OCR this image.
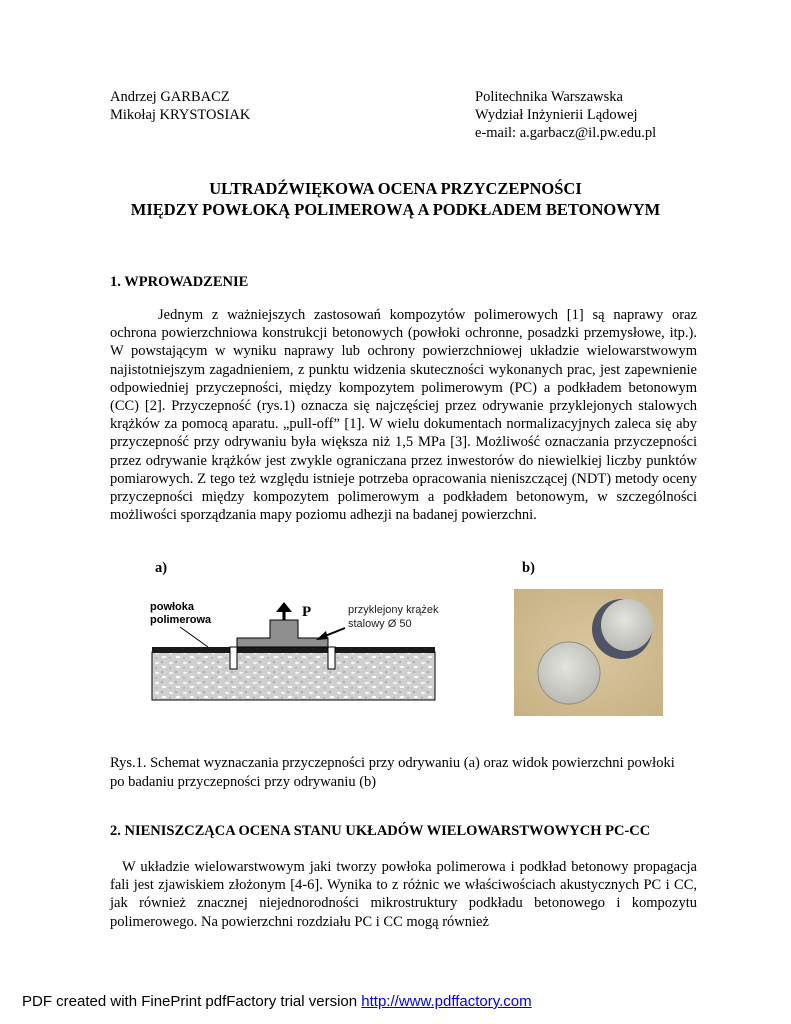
Andrzej GARBACZ
Mikołaj KRYSTOSIAK
Politechnika Warszawska
Wydział Inżynierii Lądowej
e-mail: a.garbacz@il.pw.edu.pl
ULTRADŹWIĘKOWA OCENA PRZYCZEPNOŚCI
MIĘDZY POWŁOKĄ POLIMEROWĄ A PODKŁADEM BETONOWYM
1. WPROWADZENIE
Jednym z ważniejszych zastosowań kompozytów polimerowych [1] są naprawy oraz ochrona powierzchniowa konstrukcji betonowych (powłoki ochronne, posadzki przemysłowe, itp.). W powstającym w wyniku naprawy lub ochrony powierzchniowej układzie wielowarstwowym najistotniejszym zagadnieniem, z punktu widzenia skuteczności wykonanych prac, jest zapewnienie odpowiedniej przyczepności, między kompozytem polimerowym (PC) a podkładem betonowym (CC) [2]. Przyczepność (rys.1) oznacza się najczęściej przez odrywanie przyklejonych stalowych krążków za pomocą aparatu. „pull-off” [1]. W wielu dokumentach normalizacyjnych zaleca się aby przyczepność przy odrywaniu była większa niż 1,5 MPa [3]. Możliwość oznaczania przyczepności przez odrywanie krążków jest zwykle ograniczana przez inwestorów do niewielkiej liczby punktów pomiarowych. Z tego też względu istnieje potrzeba opracowania nieniszczącej (NDT) metody oceny przyczepności między kompozytem polimerowym a podkładem betonowym, w szczególności możliwości sporządzania mapy poziomu adhezji na badanej powierzchni.
a)	b)
P
powłoka
polimerowa
przyklejony krążek
stalowy Ø 50
Rys.1. Schemat wyznaczania przyczepności przy odrywaniu (a) oraz widok powierzchni powłoki po badaniu przyczepności przy odrywaniu (b)
2. NIENISZCZĄCA OCENA STANU UKŁADÓW WIELOWARSTWOWYCH PC-CC
W układzie wielowarstwowym jaki tworzy powłoka polimerowa i podkład betonowy propagacja fali jest zjawiskiem złożonym [4-6]. Wynika to z różnic we właściwościach akustycznych PC i CC, jak również znacznej niejednorodności mikrostruktury podkładu betonowego i kompozytu polimerowego. Na powierzchni rozdziału PC i CC mogą również
PDF created with FinePrint pdfFactory trial version http://www.pdffactory.com
